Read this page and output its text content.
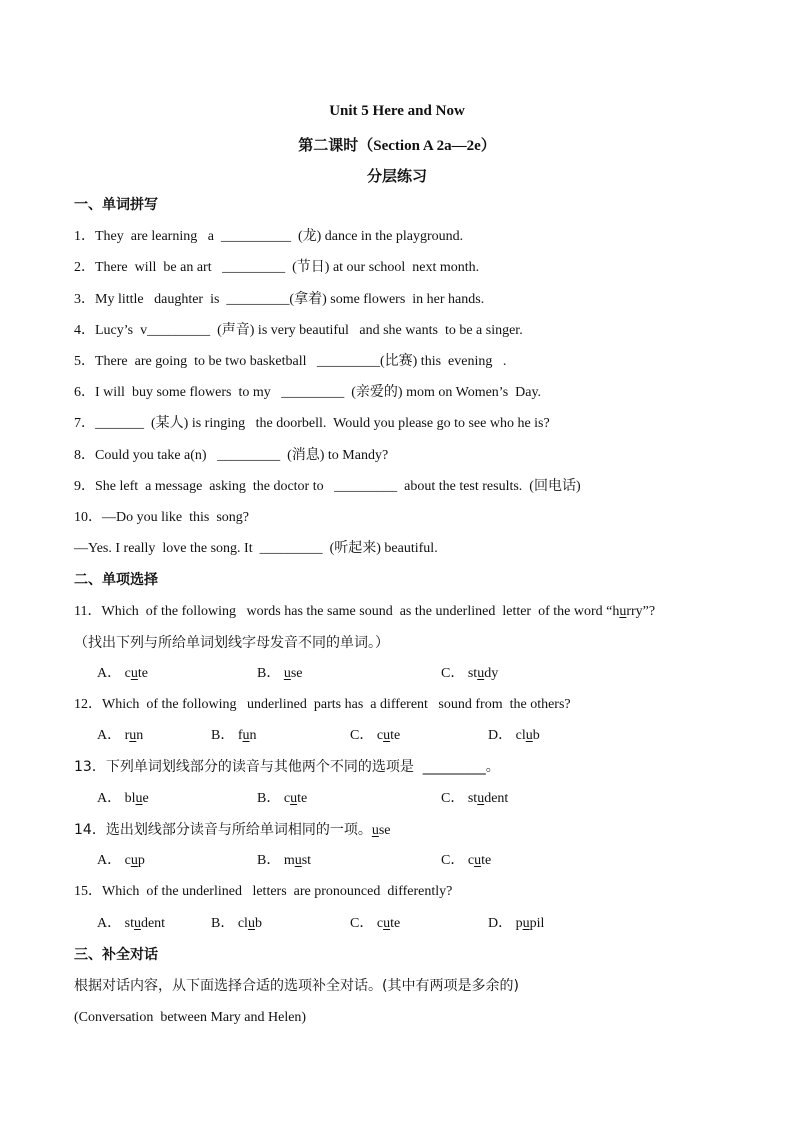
Unit 5 Here and Now
第二课时（Section A 2a—2e）
分层练习
一、单词拼写
1．They  are learning   a  __________  (龙) dance in the playground.
2．There  will  be an art   _________  (节日) at our school  next month.
3．My little   daughter  is  _________(拿着) some flowers  in her hands.
4．Lucy’s  v_________  (声音) is very beautiful   and she wants  to be a singer.
5．There  are going  to be two basketball   _________(比赛) this  evening   .
6．I will  buy some flowers  to my   _________  (亲爱的) mom on Women’s  Day.
7．_______  (某人) is ringing   the doorbell.  Would you please go to see who he is?
8．Could you take a(n)   _________  (消息) to Mandy?
9．She left  a message  asking  the doctor to   _________  about the test results.  (回电话)
10．—Do you like  this  song?
—Yes. I really  love the song. It  _________  (听起来) beautiful.
二、单项选择
11．Which  of the following   words has the same sound  as the underlined  letter  of the word “hurry”?
（找出下列与所给单词划线字母发音不同的单词。）
A． cute	B． use	C． study
12．Which  of the following   underlined  parts has  a different   sound from  the others?
A． run	B． fun	C． cute	D． club
13．下列单词划线部分的读音与其他两个不同的选项是  _________。
A． blue	B． cute	C． student
14．选出划线部分读音与所给单词相同的一项。use
A． cup	B． must	C． cute
15．Which  of the underlined   letters  are pronounced  differently?
A． student	B． club	C． cute	D． pupil
三、补全对话
根据对话内容，从下面选择合适的选项补全对话。(其中有两项是多余的)
(Conversation  between Mary and Helen)
